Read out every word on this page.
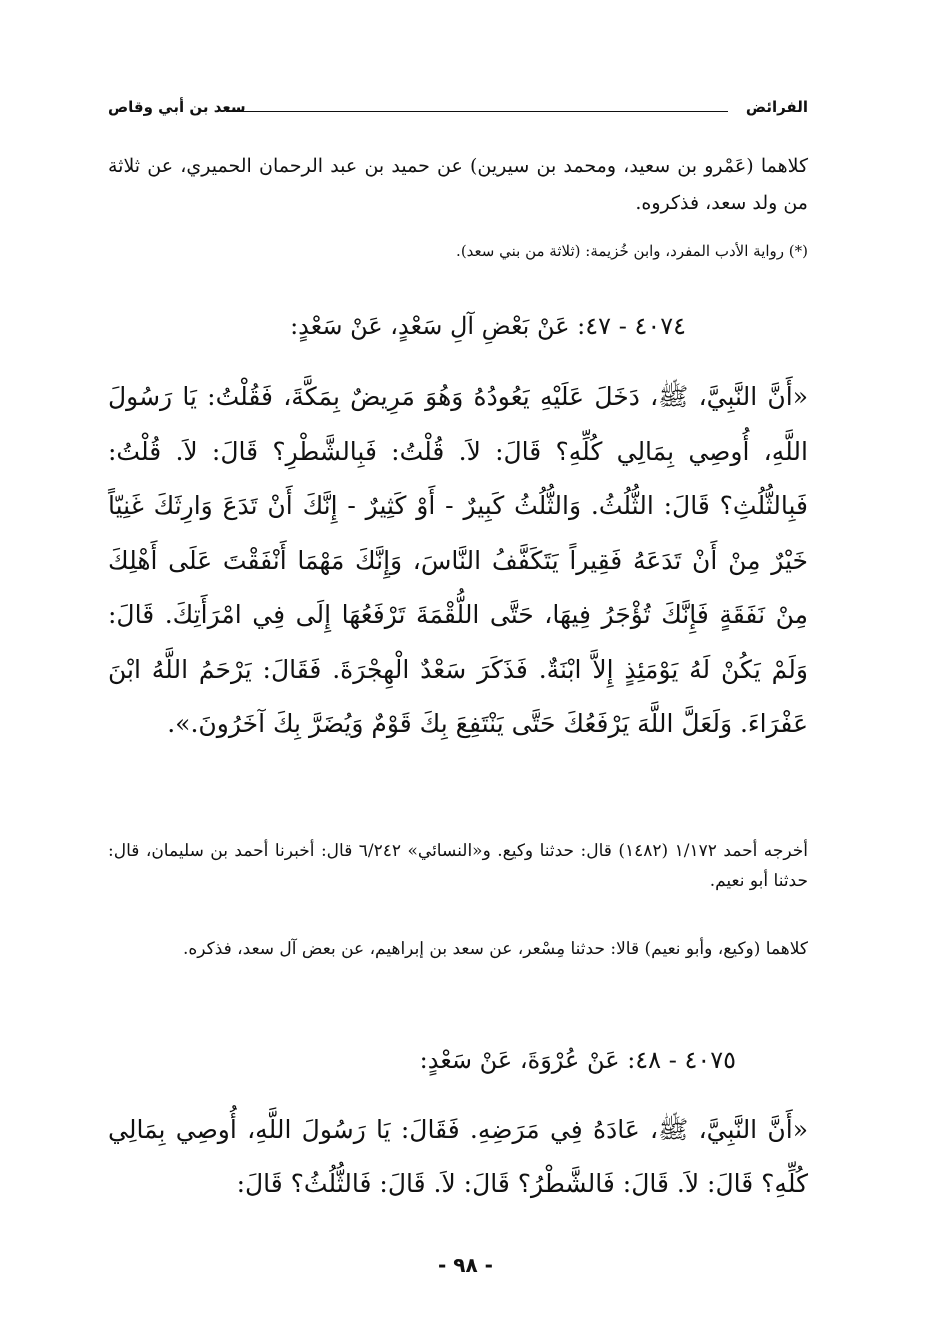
الفرائض
سعد بن أبي وقاص
كلاهما (عَمْرو بن سعيد، ومحمد بن سيرين) عن حميد بن عبد الرحمان الحميري، عن ثلاثة من ولد سعد، فذكروه.
(*) رواية الأدب المفرد، وابن خُزيمة: (ثلاثة من بني سعد).
٤٠٧٤ - ٤٧: عَنْ بَعْضِ آلِ سَعْدٍ، عَنْ سَعْدٍ:
«أَنَّ النَّبِيَّ، ﷺ، دَخَلَ عَلَيْهِ يَعُودُهُ وَهُوَ مَرِيضٌ بِمَكَّةَ، فَقُلْتُ: يَا رَسُولَ اللَّهِ، أُوصِي بِمَالِي كُلِّهِ؟ قَالَ: لاَ. قُلْتُ: فَبِالشَّطْرِ؟ قَالَ: لاَ. قُلْتُ: فَبِالثُّلُثِ؟ قَالَ: الثُّلُثُ. وَالثُّلُثُ كَبِيرٌ - أَوْ كَثِيرٌ - إِنَّكَ أَنْ تَدَعَ وَارِثَكَ غَنِيّاً خَيْرٌ مِنْ أَنْ تَدَعَهُ فَقِيراً يَتَكَفَّفُ النَّاسَ، وَإِنَّكَ مَهْمَا أَنْفَقْتَ عَلَى أَهْلِكَ مِنْ نَفَقَةٍ فَإِنَّكَ تُؤْجَرُ فِيهَا، حَتَّى اللُّقْمَةَ تَرْفَعُهَا إِلَى فِي امْرَأَتِكَ. قَالَ: وَلَمْ يَكُنْ لَهُ يَوْمَئِذٍ إِلاَّ ابْنَةٌ. فَذَكَرَ سَعْدٌ الْهِجْرَةَ. فَقَالَ: يَرْحَمُ اللَّهُ ابْنَ عَفْرَاءَ. وَلَعَلَّ اللَّهَ يَرْفَعُكَ حَتَّى يَنْتَفِعَ بِكَ قَوْمٌ وَيُضَرَّ بِكَ آخَرُونَ.».
أخرجه أحمد ١/١٧٢ (١٤٨٢) قال: حدثنا وكيع. و«النسائي» ٦/٢٤٢ قال: أخبرنا أحمد بن سليمان، قال: حدثنا أبو نعيم.
كلاهما (وكيع، وأبو نعيم) قالا: حدثنا مِسْعر، عن سعد بن إبراهيم، عن بعض آل سعد، فذكره.
٤٠٧٥ - ٤٨: عَنْ عُرْوَةَ، عَنْ سَعْدٍ:
«أَنَّ النَّبِيَّ، ﷺ، عَادَهُ فِي مَرَضِهِ. فَقَالَ: يَا رَسُولَ اللَّهِ، أُوصِي بِمَالِي كُلِّهِ؟ قَالَ: لاَ. قَالَ: فَالشَّطْرُ؟ قَالَ: لاَ. قَالَ: فَالثُّلُثُ؟ قَالَ:
- ٩٨ -
